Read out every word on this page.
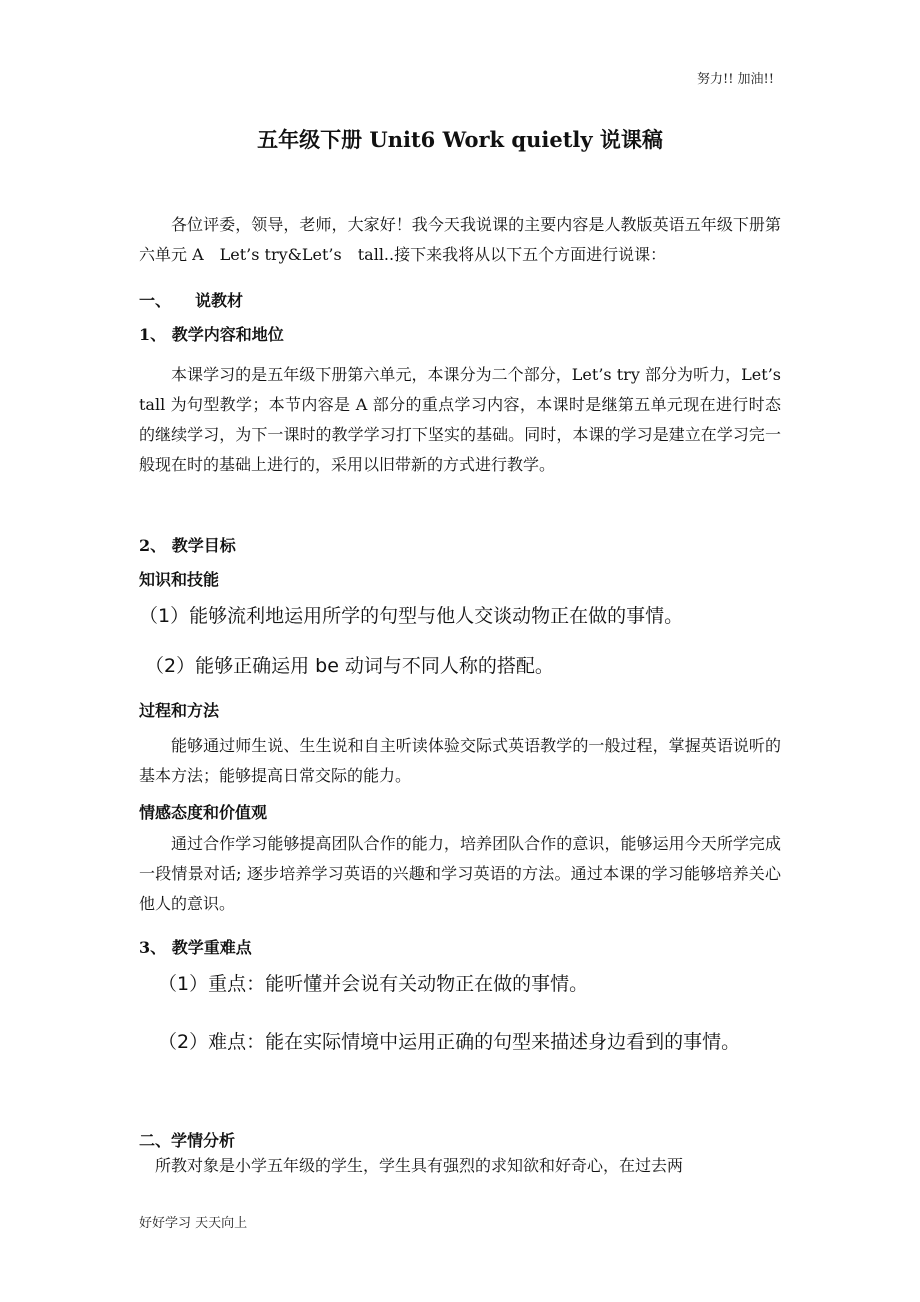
努力!! 加油!!
五年级下册 Unit6 Work quietly 说课稿
各位评委，领导，老师，大家好！我今天我说课的主要内容是人教版英语五年级下册第六单元 A　Let’s try&Let’s　tall..接下来我将从以下五个方面进行说课：
一、　　说教材
1、 教学内容和地位
本课学习的是五年级下册第六单元，本课分为二个部分，Let’s try 部分为听力，Let’s　tall 为句型教学；本节内容是 A 部分的重点学习内容，本课时是继第五单元现在进行时态的继续学习，为下一课时的教学学习打下坚实的基础。同时，本课的学习是建立在学习完一般现在时的基础上进行的，采用以旧带新的方式进行教学。
2、 教学目标
知识和技能
（1）能够流利地运用所学的句型与他人交谈动物正在做的事情。
（2）能够正确运用 be 动词与不同人称的搭配。
过程和方法
能够通过师生说、生生说和自主听读体验交际式英语教学的一般过程，掌握英语说听的基本方法；能够提高日常交际的能力。
情感态度和价值观
通过合作学习能够提高团队合作的能力，培养团队合作的意识，能够运用今天所学完成一段情景对话; 逐步培养学习英语的兴趣和学习英语的方法。通过本课的学习能够培养关心他人的意识。
3、 教学重难点
（1）重点：能听懂并会说有关动物正在做的事情。
（2）难点：能在实际情境中运用正确的句型来描述身边看到的事情。
二、学情分析
所教对象是小学五年级的学生，学生具有强烈的求知欲和好奇心，在过去两
好好学习 天天向上
